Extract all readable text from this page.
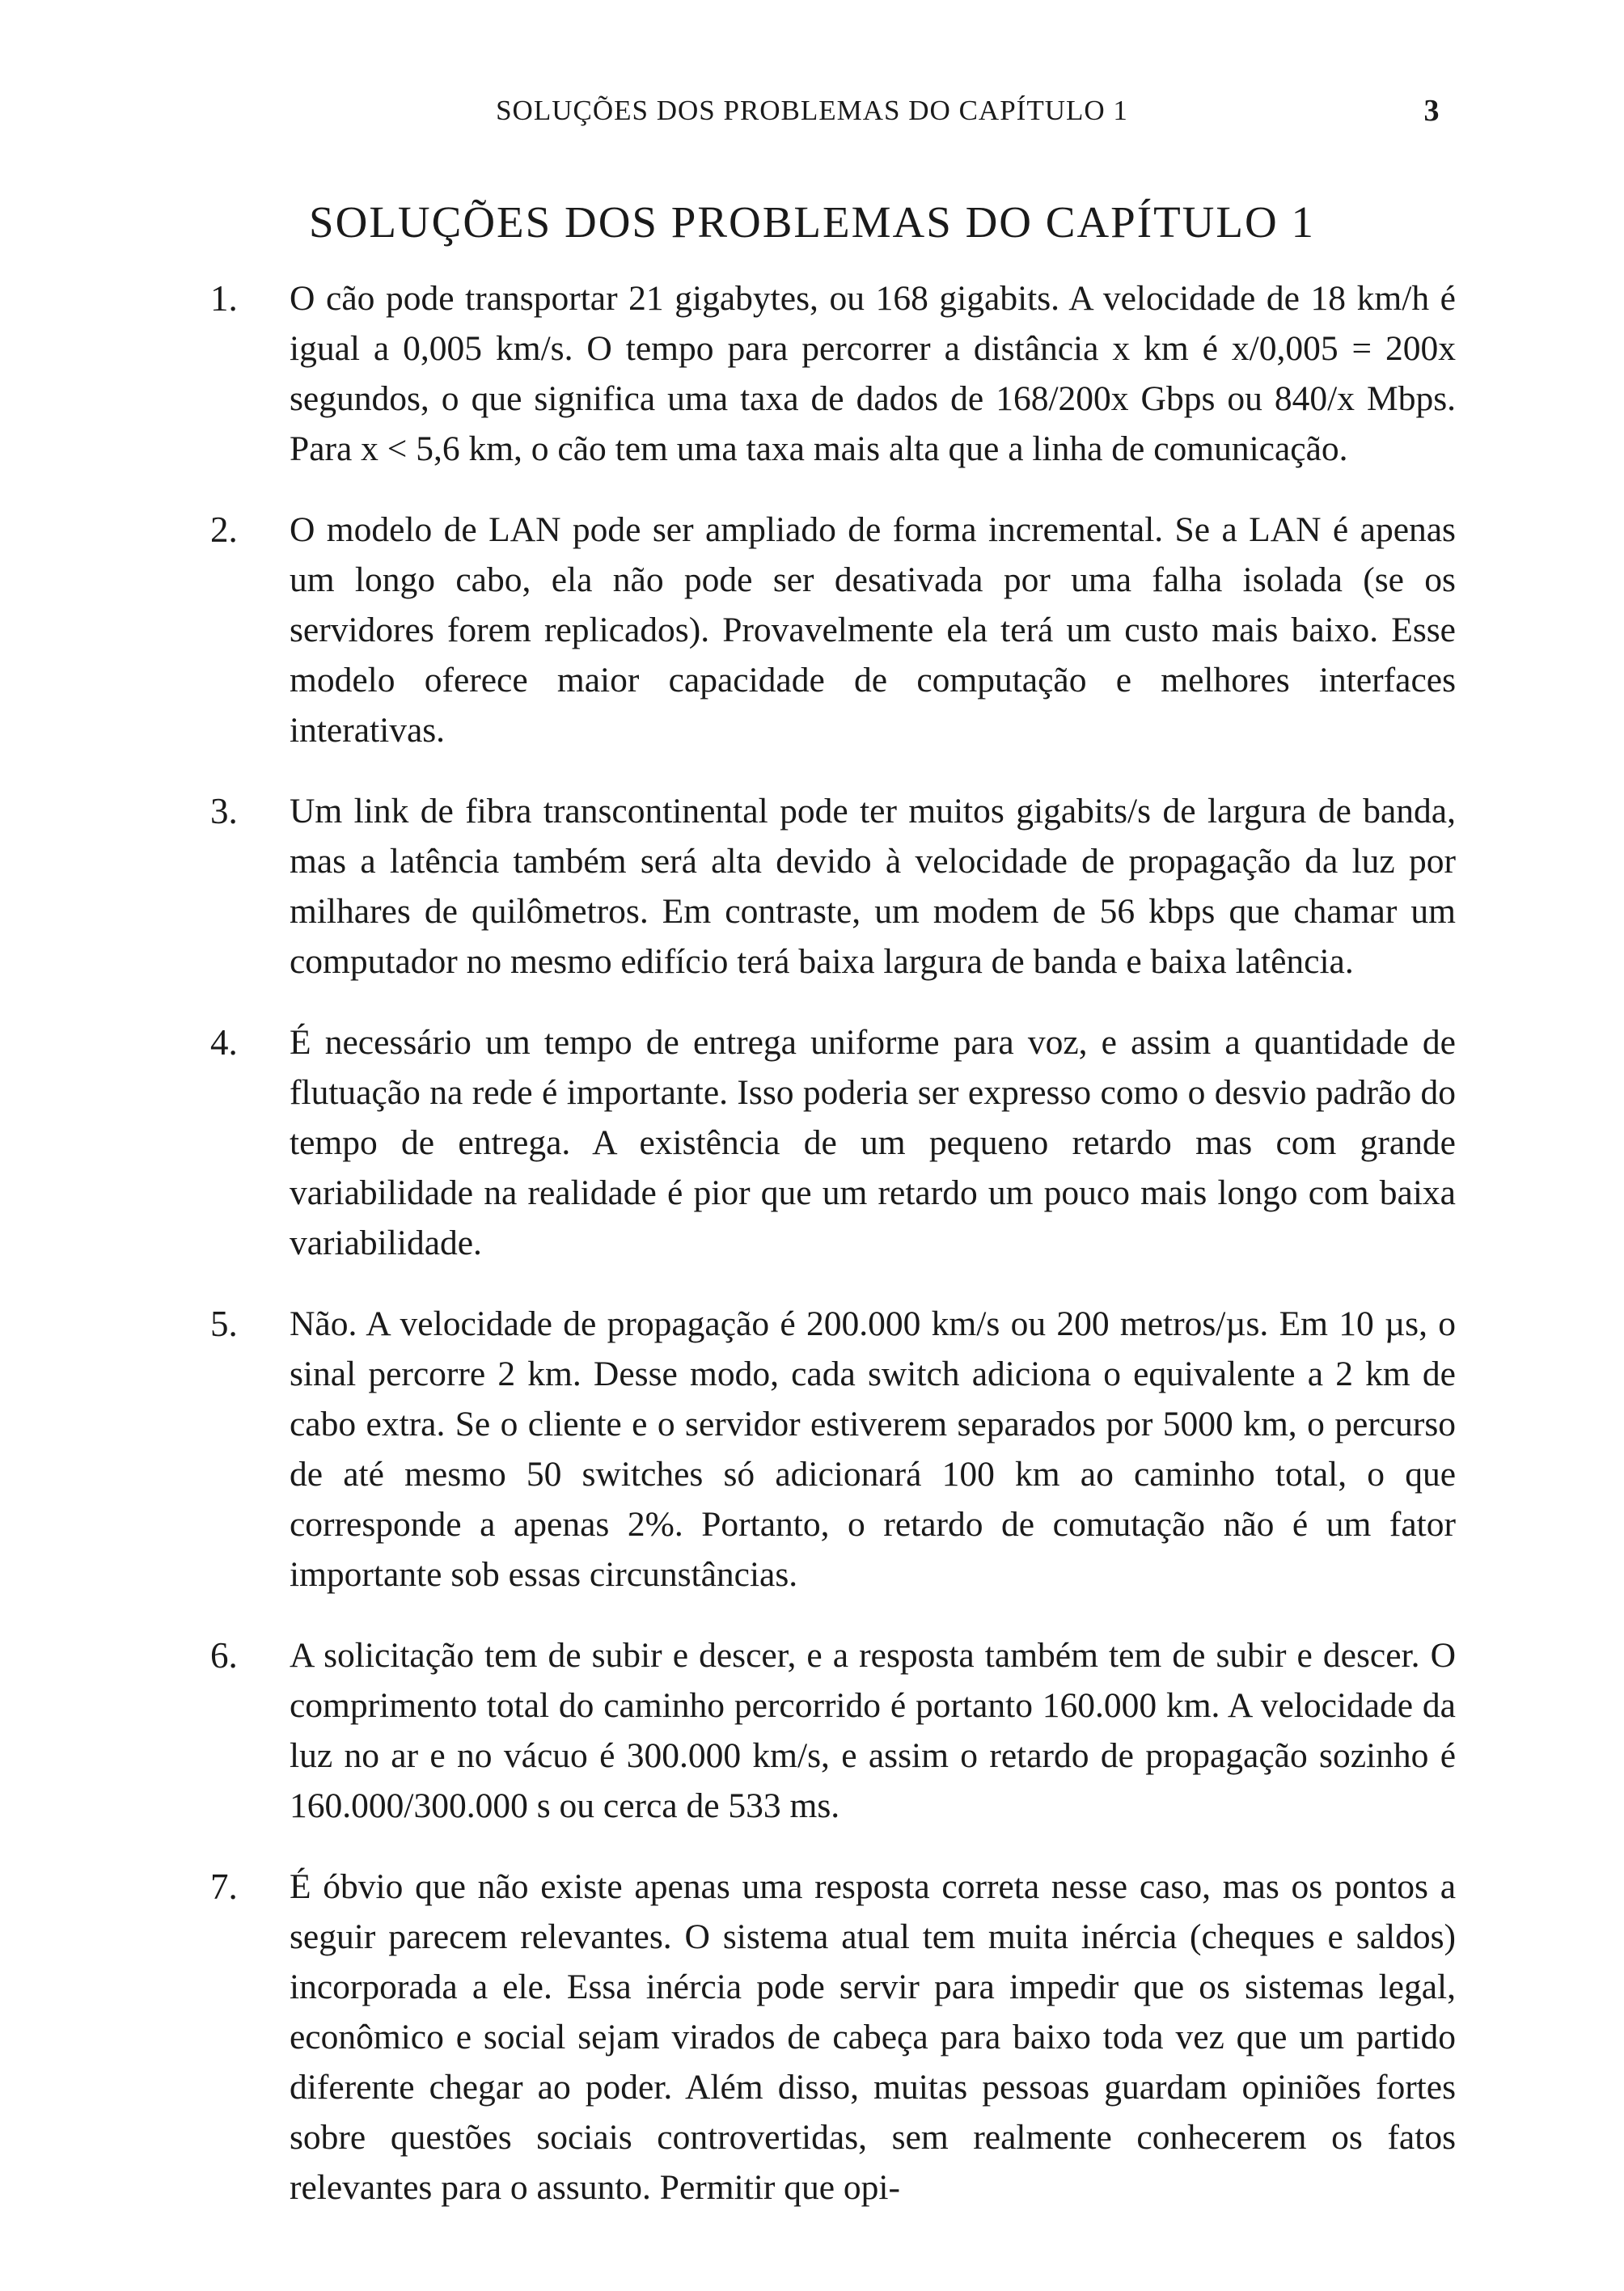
SOLUÇÕES DOS PROBLEMAS DO CAPÍTULO 1	3
SOLUÇÕES DOS PROBLEMAS DO CAPÍTULO 1
1. O cão pode transportar 21 gigabytes, ou 168 gigabits. A velocidade de 18 km/h é igual a 0,005 km/s. O tempo para percorrer a distância x km é x/0,005 = 200x segundos, o que significa uma taxa de dados de 168/200x Gbps ou 840/x Mbps. Para x < 5,6 km, o cão tem uma taxa mais alta que a linha de comunicação.
2. O modelo de LAN pode ser ampliado de forma incremental. Se a LAN é apenas um longo cabo, ela não pode ser desativada por uma falha isolada (se os servidores forem replicados). Provavelmente ela terá um custo mais baixo. Esse modelo oferece maior capacidade de computação e melhores interfaces interativas.
3. Um link de fibra transcontinental pode ter muitos gigabits/s de largura de banda, mas a latência também será alta devido à velocidade de propagação da luz por milhares de quilômetros. Em contraste, um modem de 56 kbps que chamar um computador no mesmo edifício terá baixa largura de banda e baixa latência.
4. É necessário um tempo de entrega uniforme para voz, e assim a quantidade de flutuação na rede é importante. Isso poderia ser expresso como o desvio padrão do tempo de entrega. A existência de um pequeno retardo mas com grande variabilidade na realidade é pior que um retardo um pouco mais longo com baixa variabilidade.
5. Não. A velocidade de propagação é 200.000 km/s ou 200 metros/µs. Em 10 µs, o sinal percorre 2 km. Desse modo, cada switch adiciona o equivalente a 2 km de cabo extra. Se o cliente e o servidor estiverem separados por 5000 km, o percurso de até mesmo 50 switches só adicionará 100 km ao caminho total, o que corresponde a apenas 2%. Portanto, o retardo de comutação não é um fator importante sob essas circunstâncias.
6. A solicitação tem de subir e descer, e a resposta também tem de subir e descer. O comprimento total do caminho percorrido é portanto 160.000 km. A velocidade da luz no ar e no vácuo é 300.000 km/s, e assim o retardo de propagação sozinho é 160.000/300.000 s ou cerca de 533 ms.
7. É óbvio que não existe apenas uma resposta correta nesse caso, mas os pontos a seguir parecem relevantes. O sistema atual tem muita inércia (cheques e saldos) incorporada a ele. Essa inércia pode servir para impedir que os sistemas legal, econômico e social sejam virados de cabeça para baixo toda vez que um partido diferente chegar ao poder. Além disso, muitas pessoas guardam opiniões fortes sobre questões sociais controvertidas, sem realmente conhecerem os fatos relevantes para o assunto. Permitir que opi-
